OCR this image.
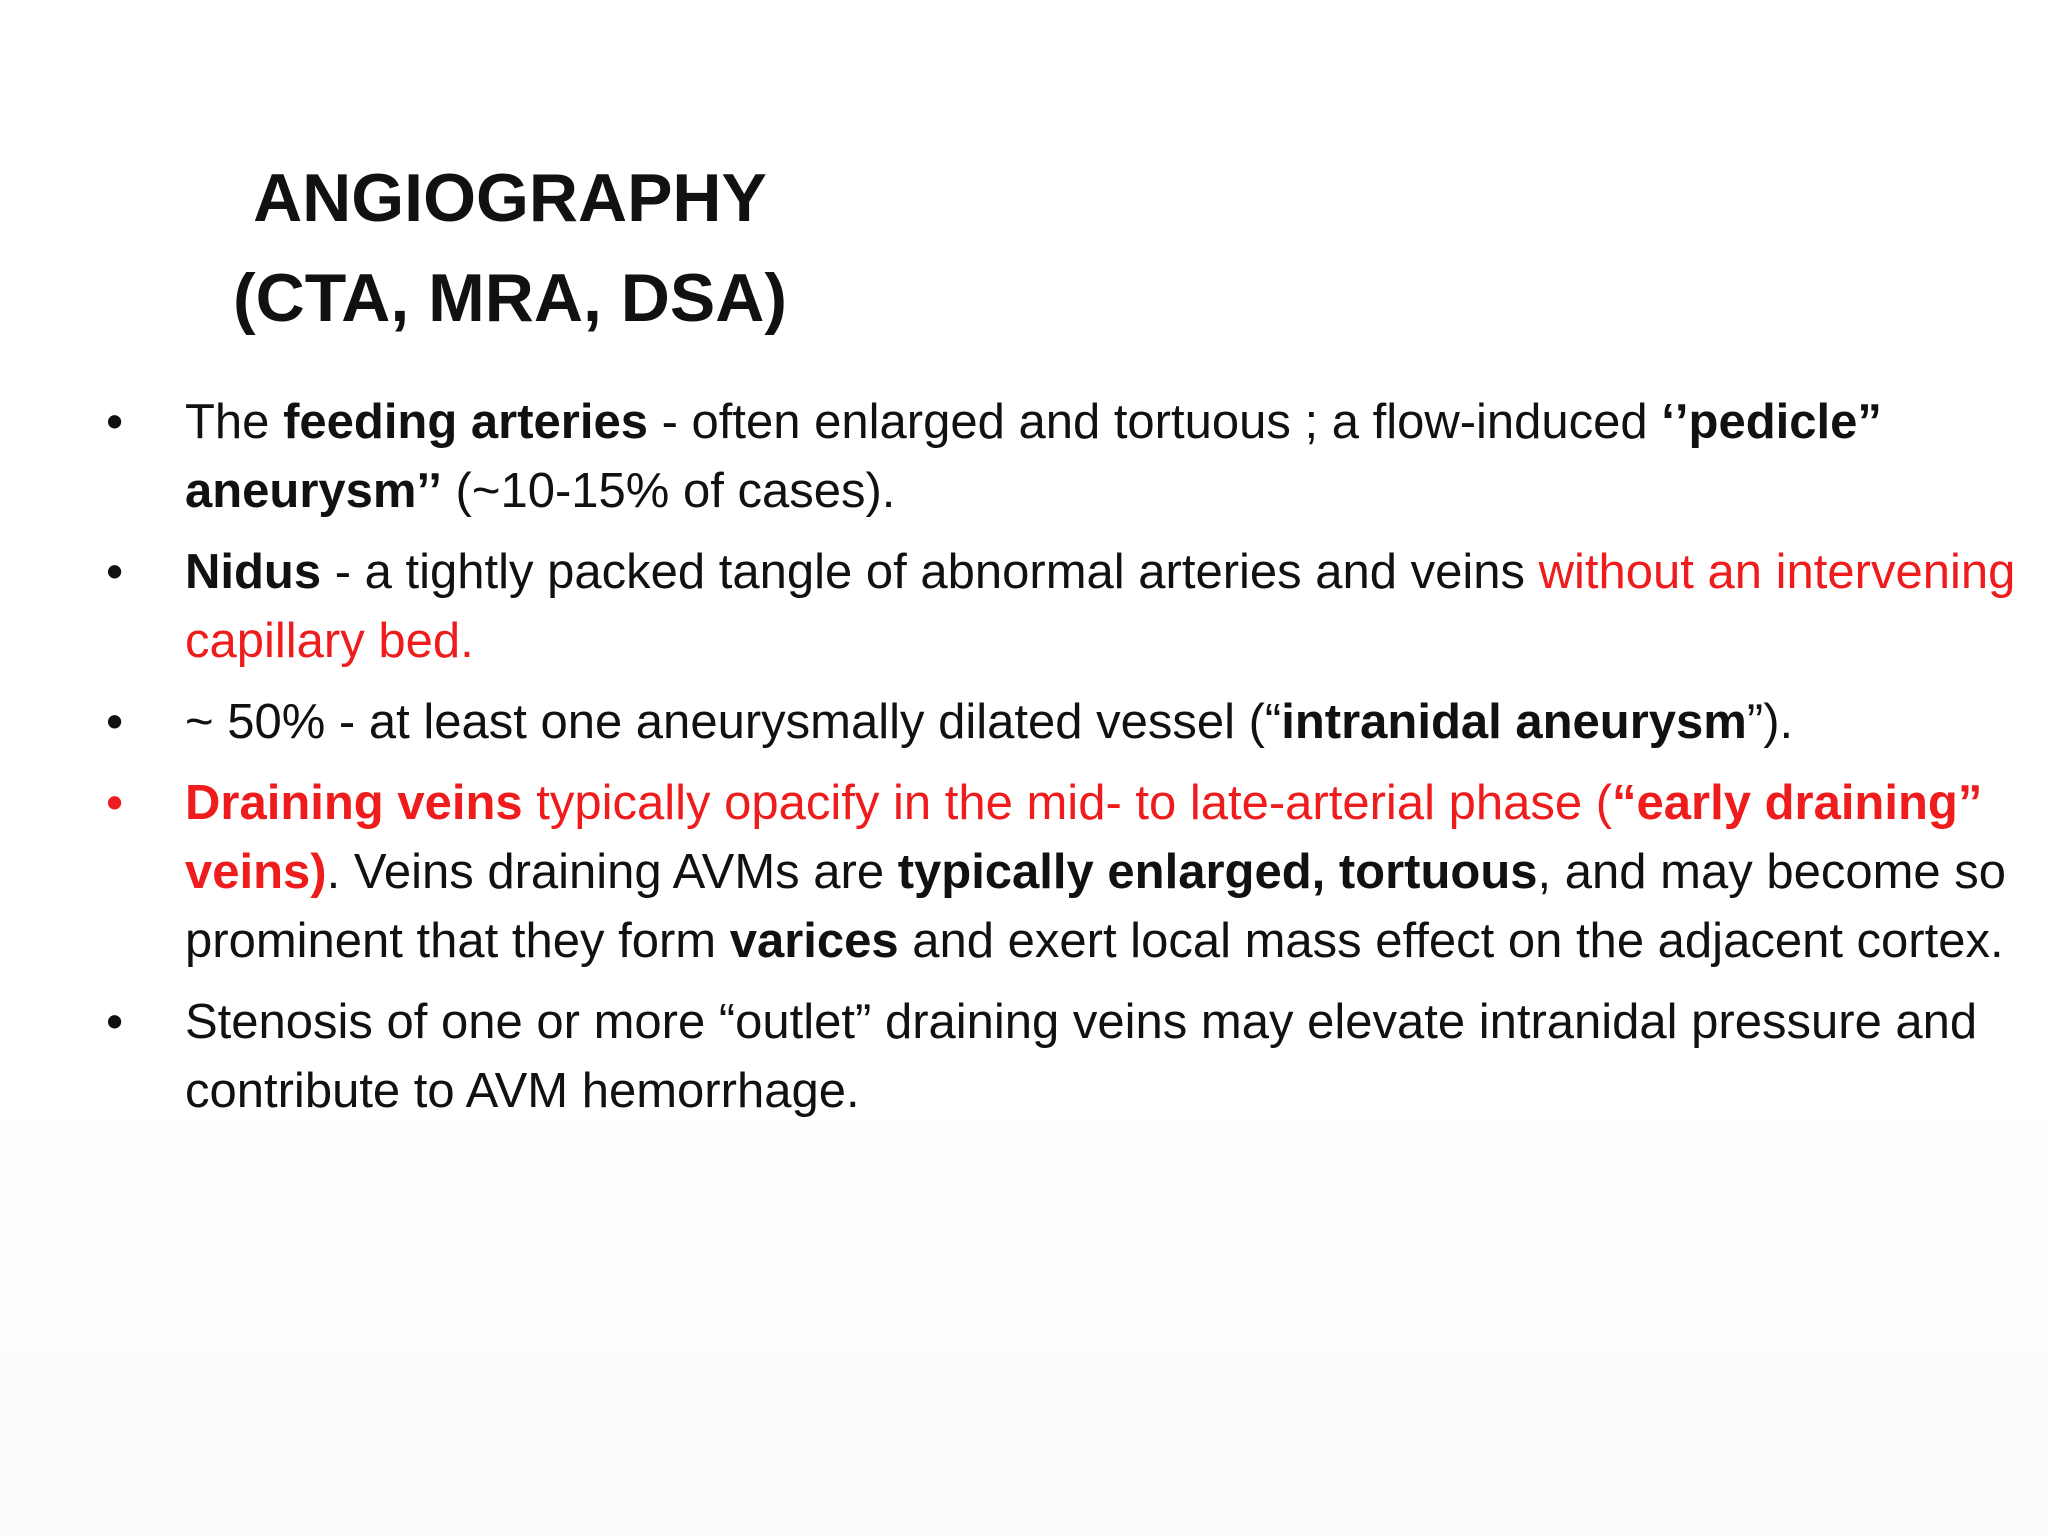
ANGIOGRAPHY
(CTA, MRA, DSA)
•	The feeding arteries - often enlarged and tortuous ; a flow-induced ‘’pedicle” aneurysm’’ (~10-15% of cases).
•	Nidus - a tightly packed tangle of abnormal arteries and veins without an intervening capillary bed.
•	~ 50% - at least one aneurysmally dilated vessel (“intranidal aneurysm”).
•	Draining veins typically opacify in the mid- to late-arterial phase (“early draining” veins). Veins draining AVMs are typically enlarged, tortuous, and may become so prominent that they form varices and exert local mass effect on the adjacent cortex.
•	Stenosis of one or more “outlet” draining veins may elevate intranidal pressure and contribute to AVM hemorrhage.
